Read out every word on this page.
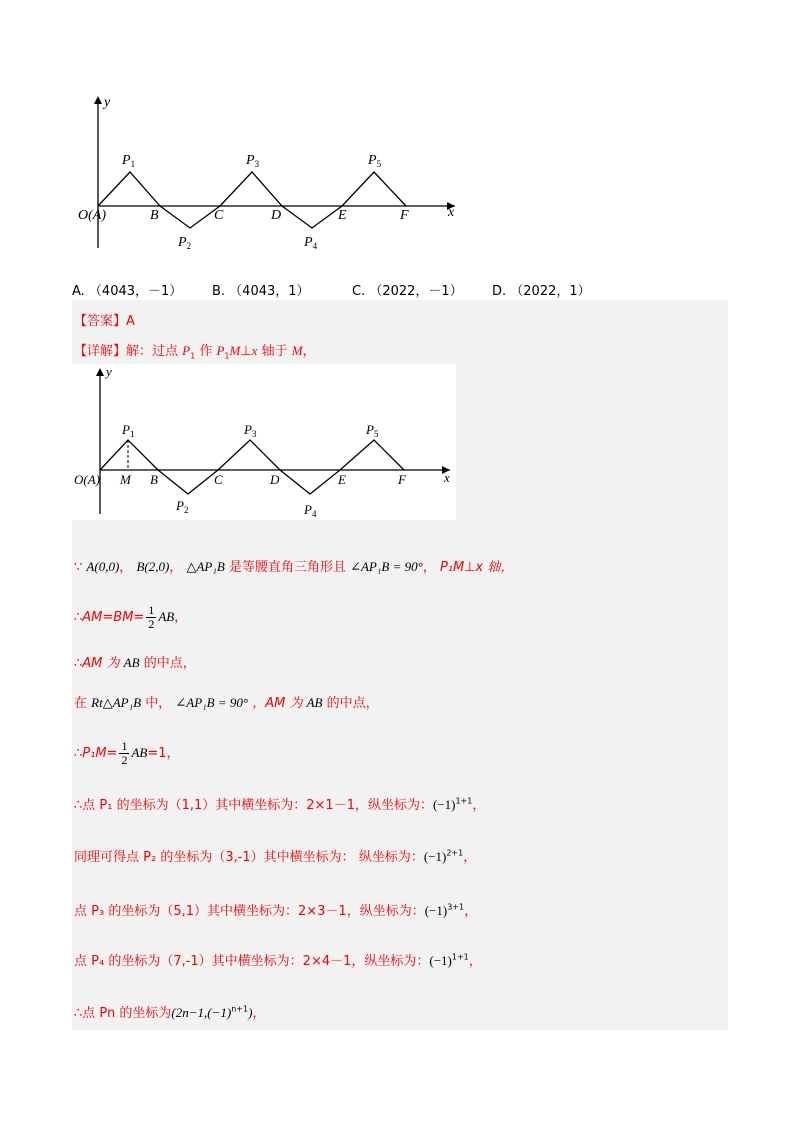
y
x
O(A)
$P_1$
$P_2$
$P_3$
$P_4$
$P_5$
B	C	D	E	F
A. （4043，－1） B. （4043，1）	C. （2022，－1） D. （2022，1）
【答案】A
【详解】解：过点 $P_1$ 作 $P_1M\perp x$ 轴于 M，
y
x
O(A) M
$P_1$
$P_2$
$P_3$
$P_4$
$P_5$
B	C	D	E	F
∵ A(0,0)， B(2,0)， △AP₁B 是等腰直角三角形且 ∠AP₁B = 90°， P₁M⊥x 轴，
∴AM=BM= $\frac{1}{2}$ AB，
∴AM 为 AB 的中点，
在 Rt△AP₁B 中， ∠AP₁B = 90° ，AM 为 AB 的中点，
∴P₁M= $\frac{1}{2} AB=1$，
∴点 P₁ 的坐标为（1,1）其中横坐标为：2×1－1，纵坐标为：$(-1)^{1+1}$，
同理可得点 P₂ 的坐标为（3,-1）其中横坐标为： 纵坐标为：$(-1)^{2+1}$，
点 P₃ 的坐标为（5,1）其中横坐标为：2×3－1，纵坐标为：$(-1)^{3+1}$，
点 P₄ 的坐标为（7,-1）其中横坐标为：2×4－1，纵坐标为：$(-1)^{1+1}$，
∴点 Pn 的坐标为$(2n-1,(-1)^{n+1})$，
